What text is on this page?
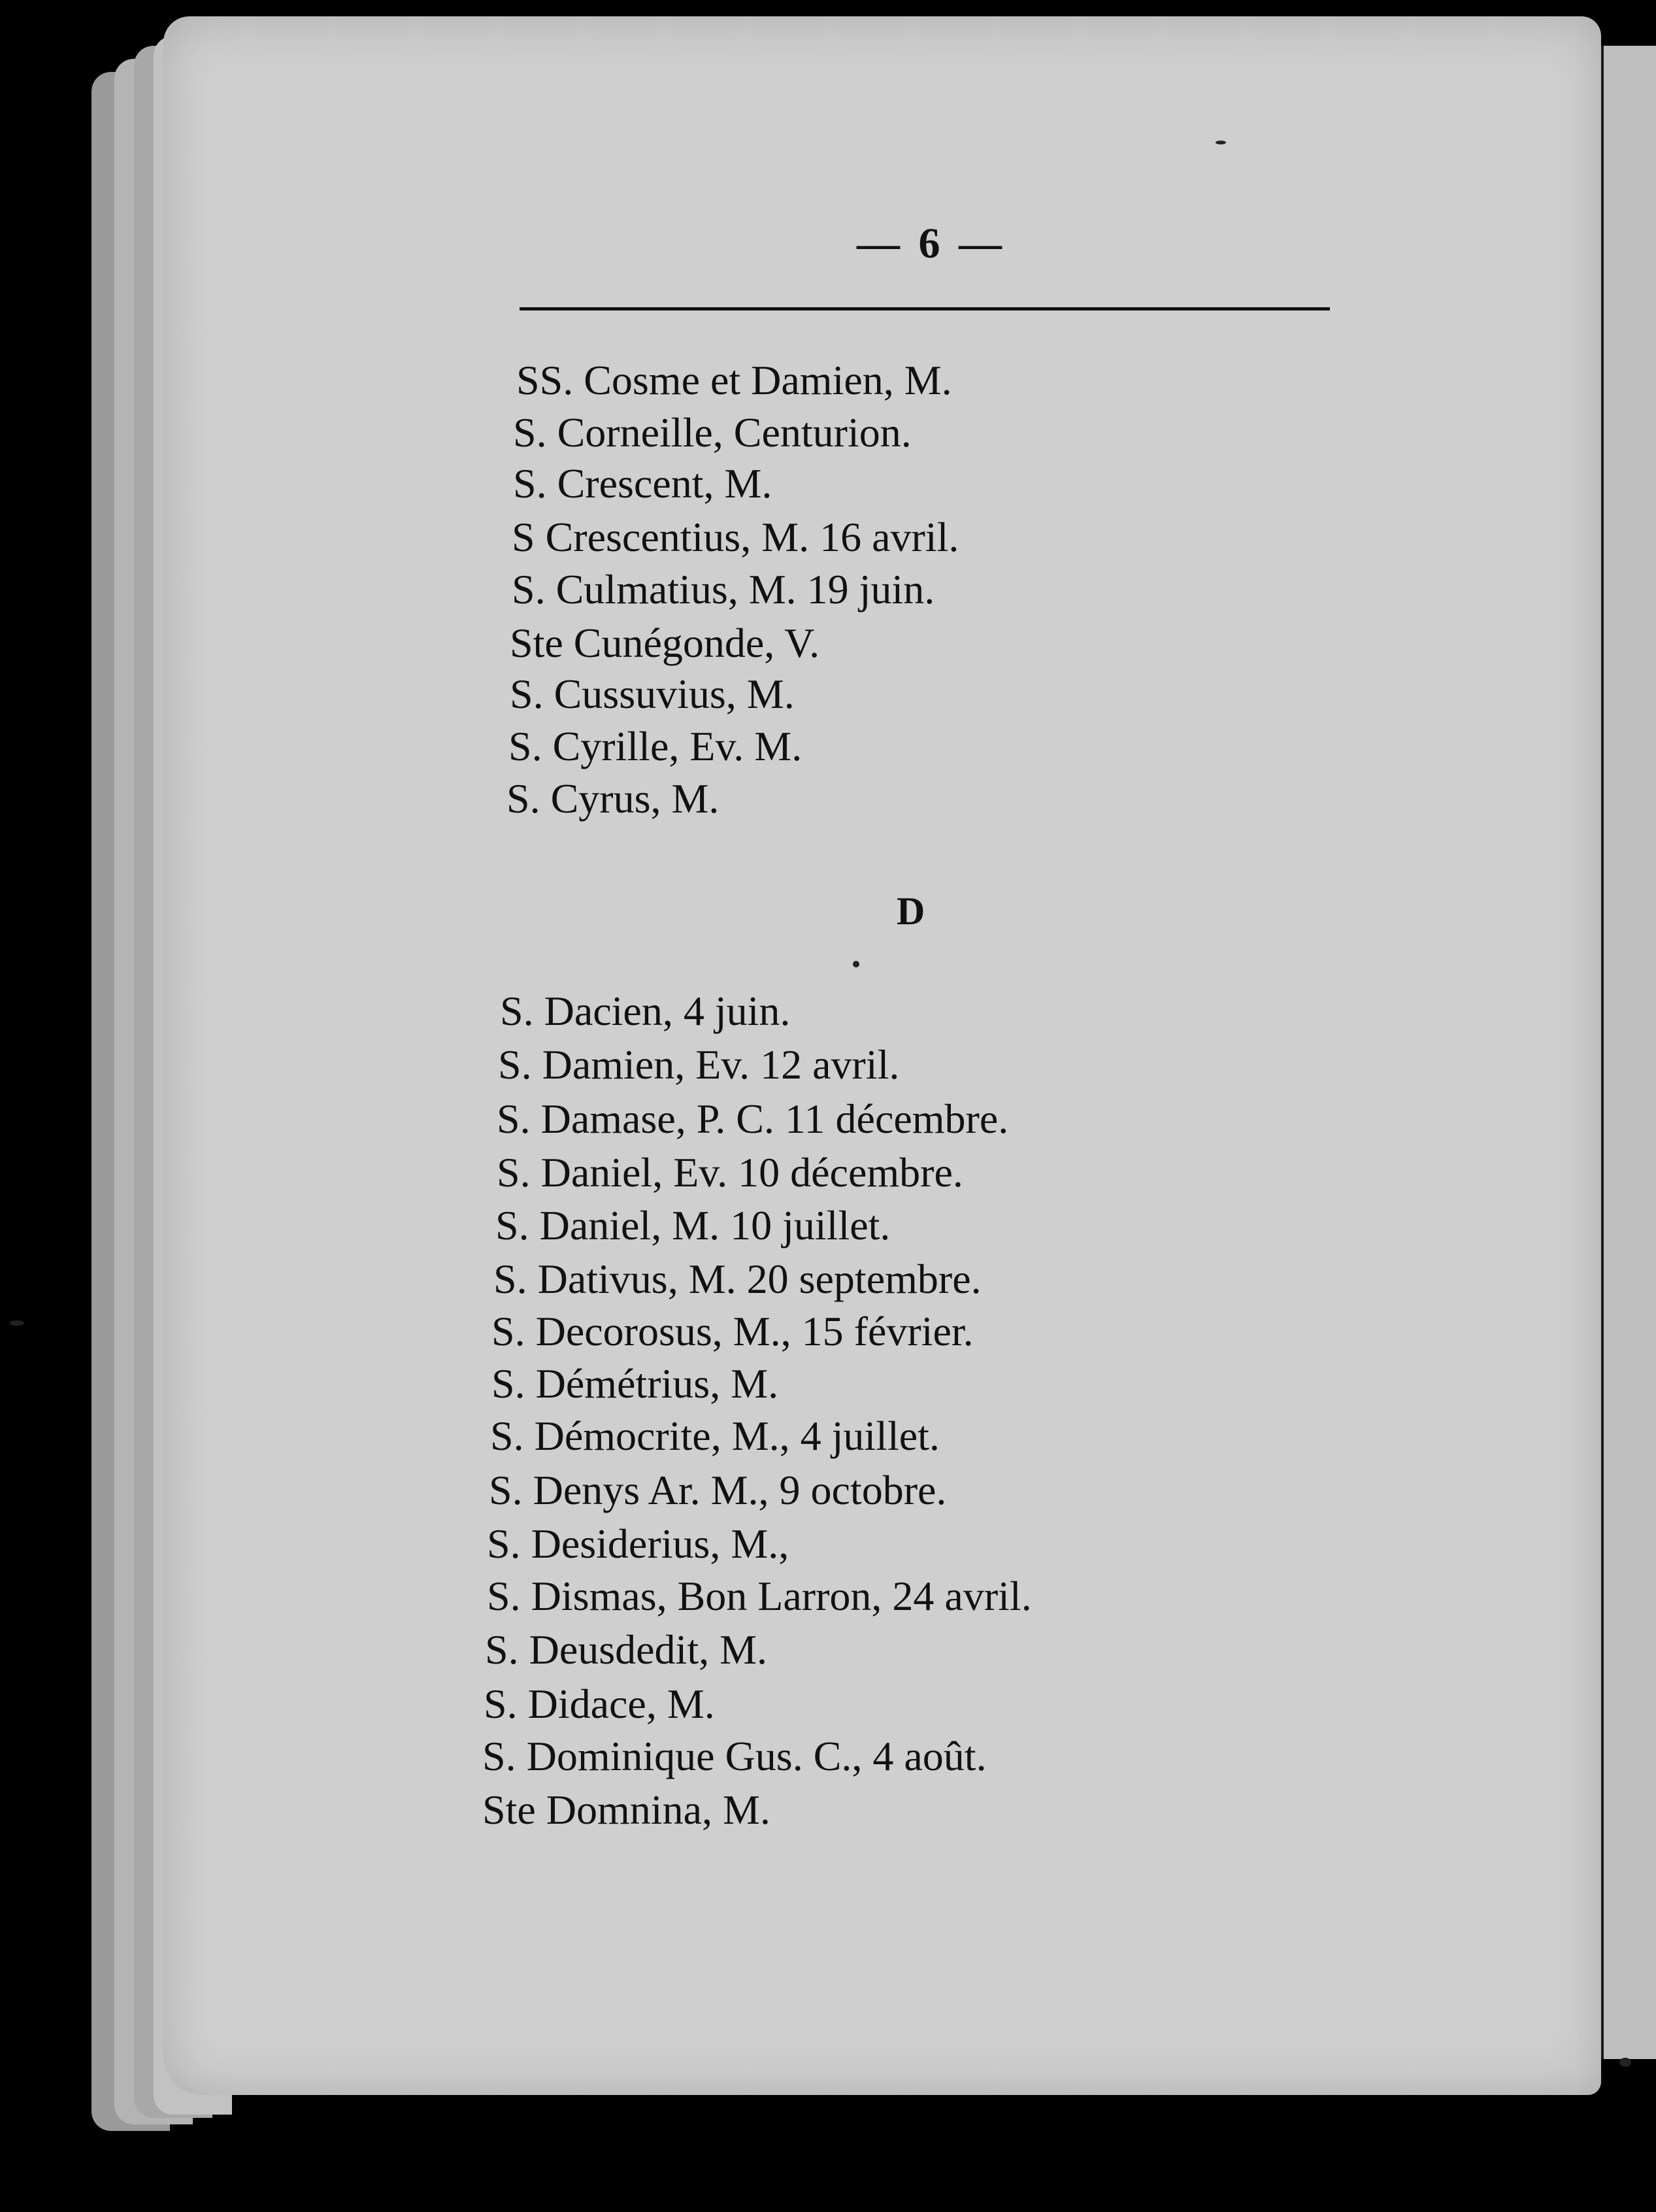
— 6 —
SS. Cosme et Damien, M.
S. Corneille, Centurion.
S. Crescent, M.
S Crescentius, M. 16 avril.
S. Culmatius, M. 19 juin.
Ste Cunégonde, V.
S. Cussuvius, M.
S. Cyrille, Ev. M.
S. Cyrus, M.
D
S. Dacien, 4 juin.
S. Damien, Ev. 12 avril.
S. Damase, P. C. 11 décembre.
S. Daniel, Ev. 10 décembre.
S. Daniel, M. 10 juillet.
S. Dativus, M. 20 septembre.
S. Decorosus, M., 15 février.
S. Démétrius, M.
S. Démocrite, M., 4 juillet.
S. Denys Ar. M., 9 octobre.
S. Desiderius, M.,
S. Dismas, Bon Larron, 24 avril.
S. Deusdedit, M.
S. Didace, M.
S. Dominique Gus. C., 4 août.
Ste Domnina, M.
